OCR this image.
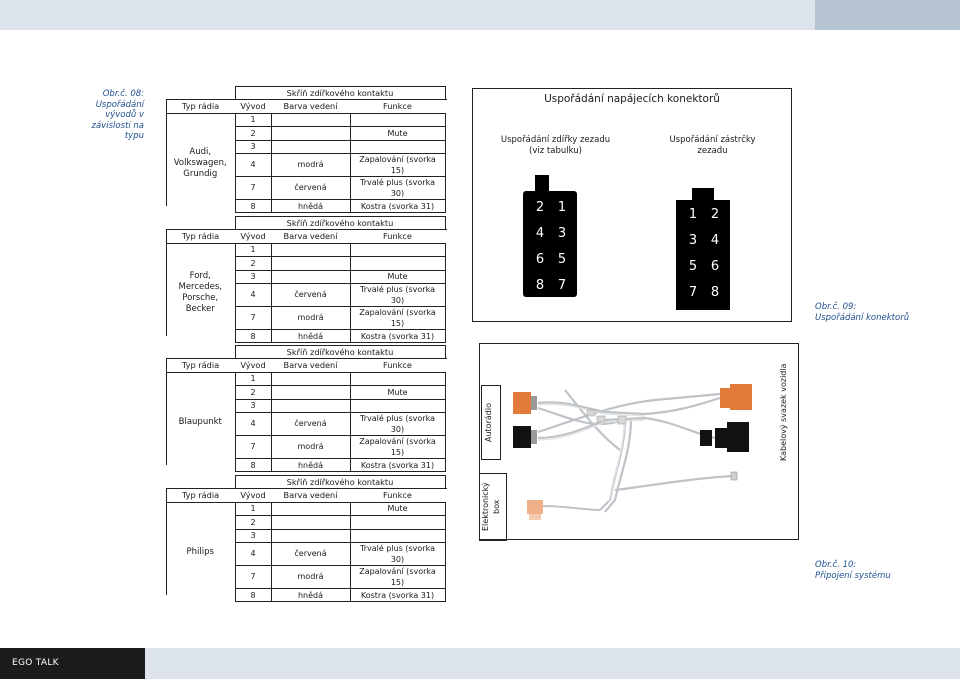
EGO TALK
Obr.č. 08:
Uspořádání
vývodů v
závislosti na
typu
	Skříň zdířkového kontaktu		
Typ rádia	Vývod	Barva vedení	Funkce
Audi,
Volkswagen,
Grundig	1		
	2		Mute
	3		
	4	modrá	Zapalování (svorka 15)
	7	červená	Trvalé plus (svorka 30)
	8	hnědá	Kostra (svorka 31)
	Skříň zdířkového kontaktu		
Typ rádia	Vývod	Barva vedení	Funkce
Ford,
Mercedes,
Porsche,
Becker	1		
	2		
	3		Mute
	4	červená	Trvalé plus (svorka 30)
	7	modrá	Zapalování (svorka 15)
	8	hnědá	Kostra (svorka 31)
	Skříň zdířkového kontaktu		
Typ rádia	Vývod	Barva vedení	Funkce
Blaupunkt	1		
	2		Mute
	3		
	4	červená	Trvalé plus (svorka 30)
	7	modrá	Zapalování (svorka 15)
	8	hnědá	Kostra (svorka 31)
	Skříň zdířkového kontaktu		
Typ rádia	Vývod	Barva vedení	Funkce
Philips	1		Mute
	2		
	3		
	4	červená	Trvalé plus (svorka 30)
	7	modrá	Zapalování (svorka 15)
	8	hnědá	Kostra (svorka 31)
Uspořádání napájecích konektorů
Uspořádání zdířky zezadu
(viz tabulku)
Uspořádání zástrčky
zezadu
2 1
4 3
6 5
8 7
1 2
3 4
5 6
7 8
Obr.č. 09:
Uspořádání konektorů
Autorádio
Elektronický box
Kabelový svazek vozidla
Obr.č. 10:
Připojení systému
